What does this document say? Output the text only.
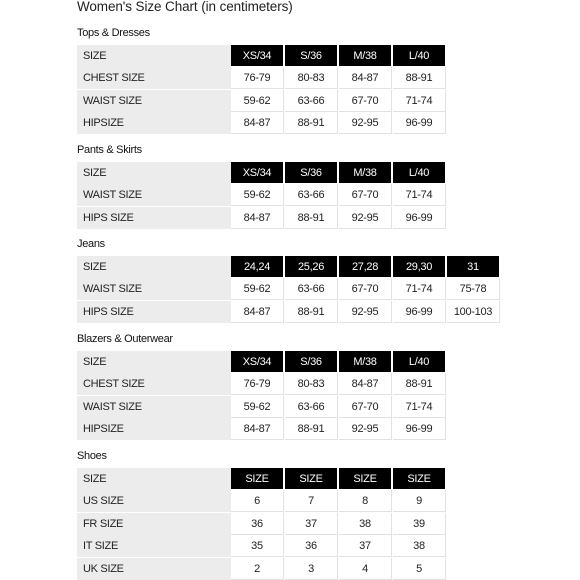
Women's Size Chart (in centimeters)
Tops & Dresses
SIZE	XS/34	S/36	M/38	L/40
CHEST SIZE	76-79	80-83	84-87	88-91
WAIST SIZE	59-62	63-66	67-70	71-74
HIPSIZE	84-87	88-91	92-95	96-99
Pants & Skirts
SIZE	XS/34	S/36	M/38	L/40
WAIST SIZE	59-62	63-66	67-70	71-74
HIPS SIZE	84-87	88-91	92-95	96-99
Jeans
SIZE	24,24	25,26	27,28	29,30	31
WAIST SIZE	59-62	63-66	67-70	71-74	75-78
HIPS SIZE	84-87	88-91	92-95	96-99	100-103
Blazers & Outerwear
SIZE	XS/34	S/36	M/38	L/40
CHEST SIZE	76-79	80-83	84-87	88-91
WAIST SIZE	59-62	63-66	67-70	71-74
HIPSIZE	84-87	88-91	92-95	96-99
Shoes
SIZE	SIZE	SIZE	SIZE	SIZE
US SIZE	6	7	8	9
FR SIZE	36	37	38	39
IT SIZE	35	36	37	38
UK SIZE	2	3	4	5
